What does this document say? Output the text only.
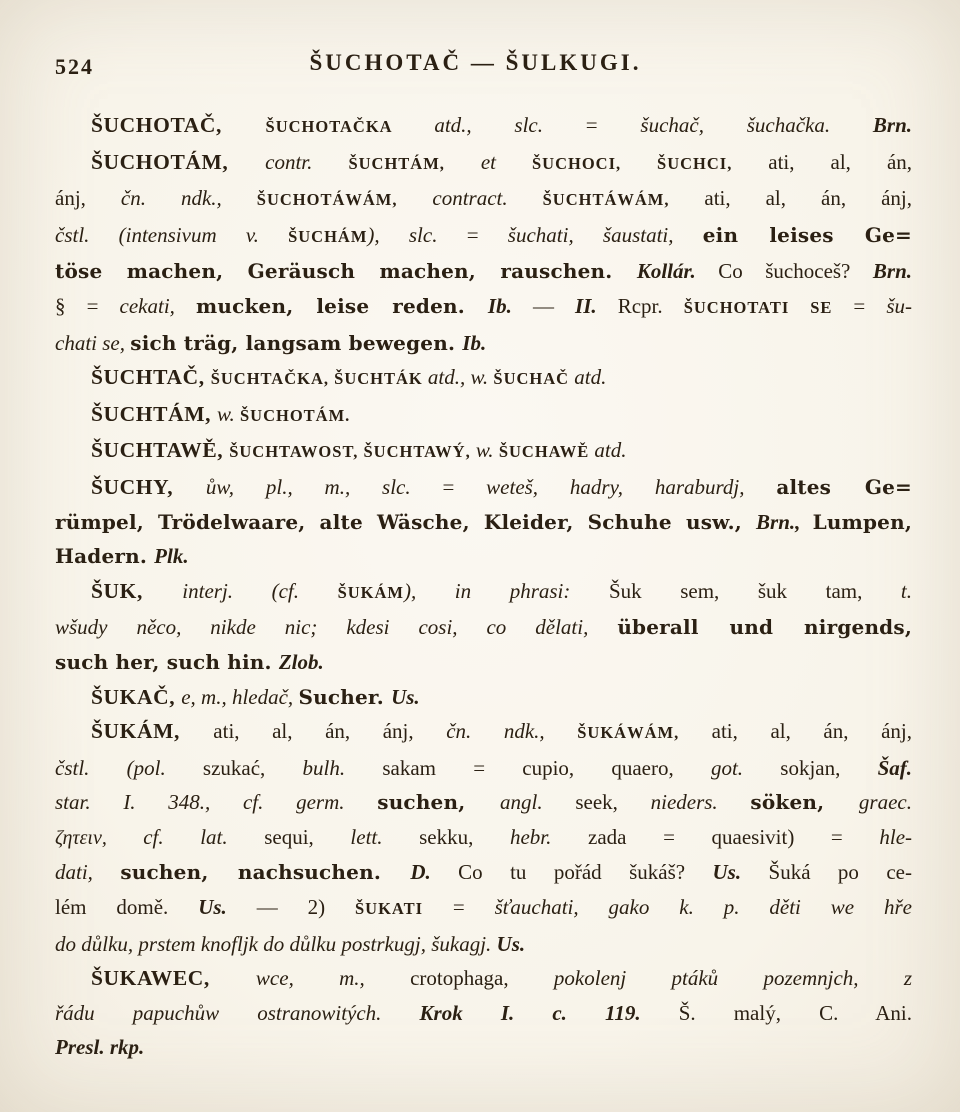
524	ŠUCHOTAČ — ŠULKUGI.
ŠUCHOTAČ, ŠUCHOTAČKA atd., slc. = šuchač, šuchačka. Brn.
ŠUCHOTÁM, contr. ŠUCHTÁM, et ŠUCHOCI, ŠUCHCI, ati, al, án,
ánj, čn. ndk., ŠUCHOTÁWÁM, contract. ŠUCHTÁWÁM, ati, al, án, ánj,
čstl. (intensivum v. ŠUCHÁM), slc. = šuchati, šaustati, ein leises Ge=
töse machen, Geräusch machen, rauschen. Kollár. Co šuchoceš? Brn.
§ = cekati, mucken, leise reden. Ib. — II. Rcpr. ŠUCHOTATI SE = šu-
chati se, sich träg, langsam bewegen. Ib.
ŠUCHTAČ, ŠUCHTAČKA, ŠUCHTÁK atd., w. ŠUCHAČ atd.
ŠUCHTÁM, w. ŠUCHOTÁM.
ŠUCHTAWĚ, ŠUCHTAWOST, ŠUCHTAWÝ, w. ŠUCHAWĚ atd.
ŠUCHY, ůw, pl., m., slc. = weteš, hadry, haraburdj, altes Ge=
rümpel, Trödelwaare, alte Wäsche, Kleider, Schuhe usw., Brn., Lumpen,
Hadern. Plk.
ŠUK, interj. (cf. ŠUKÁM), in phrasi: Šuk sem, šuk tam, t.
wšudy něco, nikde nic; kdesi cosi, co dělati, überall und nirgends,
such her, such hin. Zlob.
ŠUKAČ, e, m., hledač, Sucher. Us.
ŠUKÁM, ati, al, án, ánj, čn. ndk., ŠUKÁWÁM, ati, al, án, ánj,
čstl. (pol. szukać, bulh. sakam = cupio, quaero, got. sokjan, Šaf.
star. I. 348., cf. germ. suchen, angl. seek, nieders. söken, graec.
ζητειν, cf. lat. sequi, lett. sekku, hebr. zada = quaesivit) = hle-
dati, suchen, nachsuchen. D. Co tu pořád šukáš? Us. Šuká po ce-
lém domě. Us. — 2) ŠUKATI = šťauchati, gako k. p. děti we hře
do důlku, prstem knofljk do důlku postrkugj, šukagj. Us.
ŠUKAWEC, wce, m., crotophaga, pokolenj ptáků pozemnjch, z
řádu papuchůw ostranowitých. Krok I. c. 119. Š. malý, C. Ani.
Presl. rkp.
